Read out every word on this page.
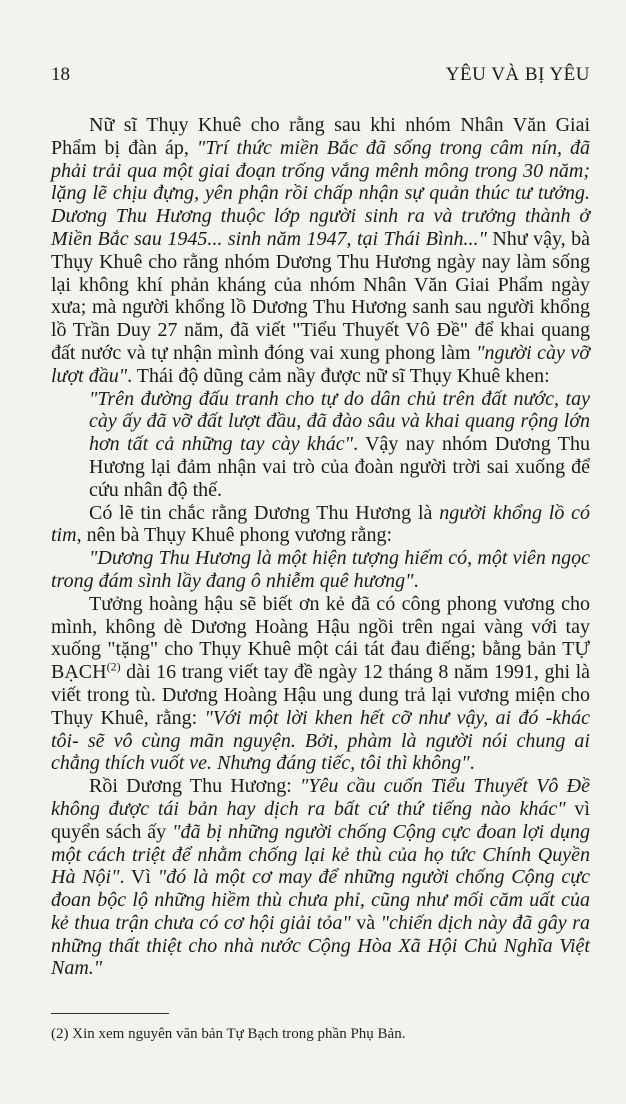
18	YÊU VÀ BỊ YÊU

Nữ sĩ Thụy Khuê cho rằng sau khi nhóm Nhân Văn Giai Phẩm bị đàn áp, "Trí thức miền Bắc đã sống trong câm nín, đã phải trải qua một giai đoạn trống vắng mênh mông trong 30 năm; lặng lẽ chịu đựng, yên phận rồi chấp nhận sự quản thúc tư tưởng. Dương Thu Hương thuộc lớp người sinh ra và trưởng thành ở Miền Bắc sau 1945... sinh năm 1947, tại Thái Bình..." Như vậy, bà Thụy Khuê cho rằng nhóm Dương Thu Hương ngày nay làm sống lại không khí phản kháng của nhóm Nhân Văn Giai Phẩm ngày xưa; mà người khổng lồ Dương Thu Hương sanh sau người khổng lồ Trần Duy 27 năm, đã viết "Tiểu Thuyết Vô Đề" để khai quang đất nước và tự nhận mình đóng vai xung phong làm "người cày vỡ lượt đầu". Thái độ dũng cảm nầy được nữ sĩ Thụy Khuê khen:

"Trên đường đấu tranh cho tự do dân chủ trên đất nước, tay cày ấy đã vỡ đất lượt đầu, đã đào sâu và khai quang rộng lớn hơn tất cả những tay cày khác". Vậy nay nhóm Dương Thu Hương lại đảm nhận vai trò của đoàn người trời sai xuống để cứu nhân độ thế.

Có lẽ tin chắc rằng Dương Thu Hương là người khổng lồ có tim, nên bà Thụy Khuê phong vương rằng:

"Dương Thu Hương là một hiện tượng hiếm có, một viên ngọc trong đám sình lầy đang ô nhiễm quê hương".

Tưởng hoàng hậu sẽ biết ơn kẻ đã có công phong vương cho mình, không dè Dương Hoàng Hậu ngồi trên ngai vàng với tay xuống "tặng" cho Thụy Khuê một cái tát đau điếng; bằng bản TỰ BẠCH$^{(2)}$ dài 16 trang viết tay đề ngày 12 tháng 8 năm 1991, ghi là viết trong tù. Dương Hoàng Hậu ung dung trả lại vương miện cho Thụy Khuê, rằng: "Với một lời khen hết cỡ như vậy, ai đó -khác tôi- sẽ vô cùng mãn nguyện. Bởi, phàm là người nói chung ai chẳng thích vuốt ve. Nhưng đáng tiếc, tôi thì không".

Rồi Dương Thu Hương: "Yêu cầu cuốn Tiểu Thuyết Vô Đề không được tái bản hay dịch ra bất cứ thứ tiếng nào khác" vì quyển sách ấy "đã bị những người chống Cộng cực đoan lợi dụng một cách triệt để nhằm chống lại kẻ thù của họ tức Chính Quyền Hà Nội". Vì "đó là một cơ may để những người chống Cộng cực đoan bộc lộ những hiềm thù chưa phỉ, cũng như mối căm uất của kẻ thua trận chưa có cơ hội giải tỏa" và "chiến dịch này đã gây ra những thất thiệt cho nhà nước Cộng Hòa Xã Hội Chủ Nghĩa Việt Nam."

(2) Xin xem nguyên văn bản Tự Bạch trong phần Phụ Bản.
